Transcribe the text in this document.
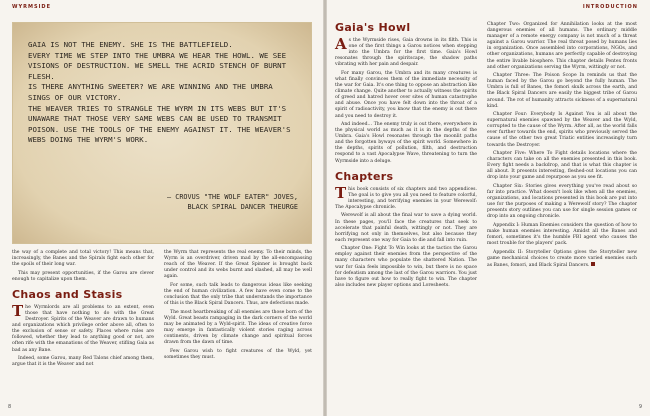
WYRMSIDE

GAIA IS NOT THE ENEMY. SHE IS THE BATTLEFIELD.

EVERY TIME WE STEP INTO THE UMBRA WE HEAR THE HOWL. WE SEE VISIONS OF DESTRUCTION. WE SMELL THE ACRID STENCH OF BURNT FLESH.

IS THERE ANYTHING SWEETER? WE ARE WINNING AND THE UMBRA SINGS OF OUR VICTORY.

THE WEAVER TRIES TO STRANGLE THE WYRM IN ITS WEBS BUT IT'S UNAWARE THAT THOSE VERY SAME WEBS CAN BE USED TO TRANSMIT POISON. USE THE TOOLS OF THE ENEMY AGAINST IT. THE WEAVER'S WEBS DOING THE WYRM'S WORK.

– CROVUS "THE WOLF EATER" JOVES,
BLACK SPIRAL DANCER THEURGE

the way of a complete and total victory! This means that, increasingly, the Banes and the Spirals fight each other for the spoils of their long war.

This may present opportunities, if the Garou are clever enough to capitalize upon them.

Chaos and Stasis

The Wyrmlords are all problems to an extent, even those that have nothing to do with the Great Destroyer. Spirits of the Weaver are drawn to humans and organizations which privilege order above all, often to the exclusion of sense or safety. Places where rules are followed, whether they lead to anything good or not, are often rife with the emanations of the Weaver, stifling Gaia as bad as any Bane.

Indeed, some Garou, many Red Talons chief among them, argue that it is the Weaver and not

the Wyrm that represents the real enemy. To their minds, the Wyrm is an overdriver, driven mad by the all-encompassing reach of the Weaver. If the Great Spinner is brought back under control and its webs burnt and slashed, all may be well again.

For some, such talk leads to dangerous ideas like seeking the end of human civilization. A few have even come to the conclusion that the only tribe that understands the importance of this is the Black Spiral Dancers. Thus, are defections made.

The most heartbreaking of all enemies are those born of the Wyld. Great beasts rampaging in the dark corners of the world may be animated by a Wyld-spirit. The ideas of creative force may emerge in fantastically violent stories raging across continents, driven by climate change and spiritual forces drawn from the dawn of time.

Few Garou wish to fight creatures of the Wyld, yet sometimes they must.

8
INTRODUCTION
Gaia's Howl

As the Wyrmside rises, Gaia drowns in its filth. This is one of the first things a Garou notices when stepping into the Umbra for the first time. Gaia's Howl resonates through the spiritscape, the shadow paths vibrating with her pain and despair.

For many Garou, the Umbra and its many creatures is what finally convinces them of the immediate necessity of the war for Gaia. It's one thing to oppose an abstraction like climate change. Quite another to actually witness the spirits of greed and hatred hover over sites of human catastrophe and abuse. Once you have felt down into the throat of a spirit of radioactivity, you know that the enemy is out there and you need to destroy it.

And indeed… The enemy truly is out there, everywhere in the physical world as much as it is in the depths of the Umbra. Gaia's Howl resonates through the moonlit paths and the forgotten byways of the spirit world. Somewhere in the depths, spirits of pollution, filth, and destruction respond to a vast Apocalypse Wave, threatening to turn the Wyrmside into a deluge.

Chapters

This book consists of six chapters and two appendices. The goal is to give you all you need to feature colorful, interesting, and terrifying enemies in your Werewolf: The Apocalypse chronicle.

Werewolf is all about the final war to save a dying world. In these pages, you'll face the creatures that seek to accelerate that painful death, wittingly or not. They are horrifying not only in themselves, but also because they each represent one way for Gaia to die and fall into ruin.

Chapter One: Fight To Win looks at the tactics the Garou employ against their enemies from the perspective of the many characters who populate the shattered Nation. The war for Gaia feels impossible to win, but there is no space for defeatism among the last of the Garou warriors. You just have to figure out how to really fight to win. The chapter also includes new player options and Loresheets.

Chapter Two: Organized for Annihilation looks at the most dangerous enemies of all humans. The ordinary middle manager of a remote energy company is not much of a threat against a Garou warrior. The real threat posed by humans lies in organization. Once assembled into corporations, NGOs, and other organizations, humans are perfectly capable of destroying the entire livable biosphere. This chapter details Pentex fronts and other organizations serving the Wyrm, wittingly or not.

Chapter Three: The Poison Scope In reminds us that the human faced by the Garou go beyond the fully human. The Umbra is full of Banes, the fomori skulk across the earth, and the Black Spiral Dancers are easily the biggest tribe of Garou around. The rot of humanity attracts sickness of a supernatural kind.

Chapter Four: Everybody Is Against You is all about the supernatural enemies spawned by the Weaver and the Wyld, corrupted to the cause of the Wyrm. After all, as the world falls ever further towards the end, spirits who previously served the cause of the other two great Triatic entities increasingly turn towards the Destroyer.

Chapter Five: Where To Fight details locations where the characters can take on all the enemies presented in this book. Every fight needs a backdrop, and that is what this chapter is all about. It presents interesting, fleshed-out locations you can drop into your game and repurpose as you see fit.

Chapter Six: Stories gives everything you've read about so far into practice. What doesn't look like when all the enemies, organizations, and locations presented in this book are put into use for the purposes of making a Werewolf story? The chapter presents story outlines you can use for single session games or drop into an ongoing chronicle.

Appendix I: Human Enemies considers the question of how to make human enemies interesting. Amidst all the Banes and fomori, sometimes it's the humble FBI agent who causes the most trouble for the players' pack.

Appendix II: Storyteller Options gives the Storyteller new game mechanical choices to create more varied enemies such as Banes, fomori, and Black Spiral Dancers.

9
